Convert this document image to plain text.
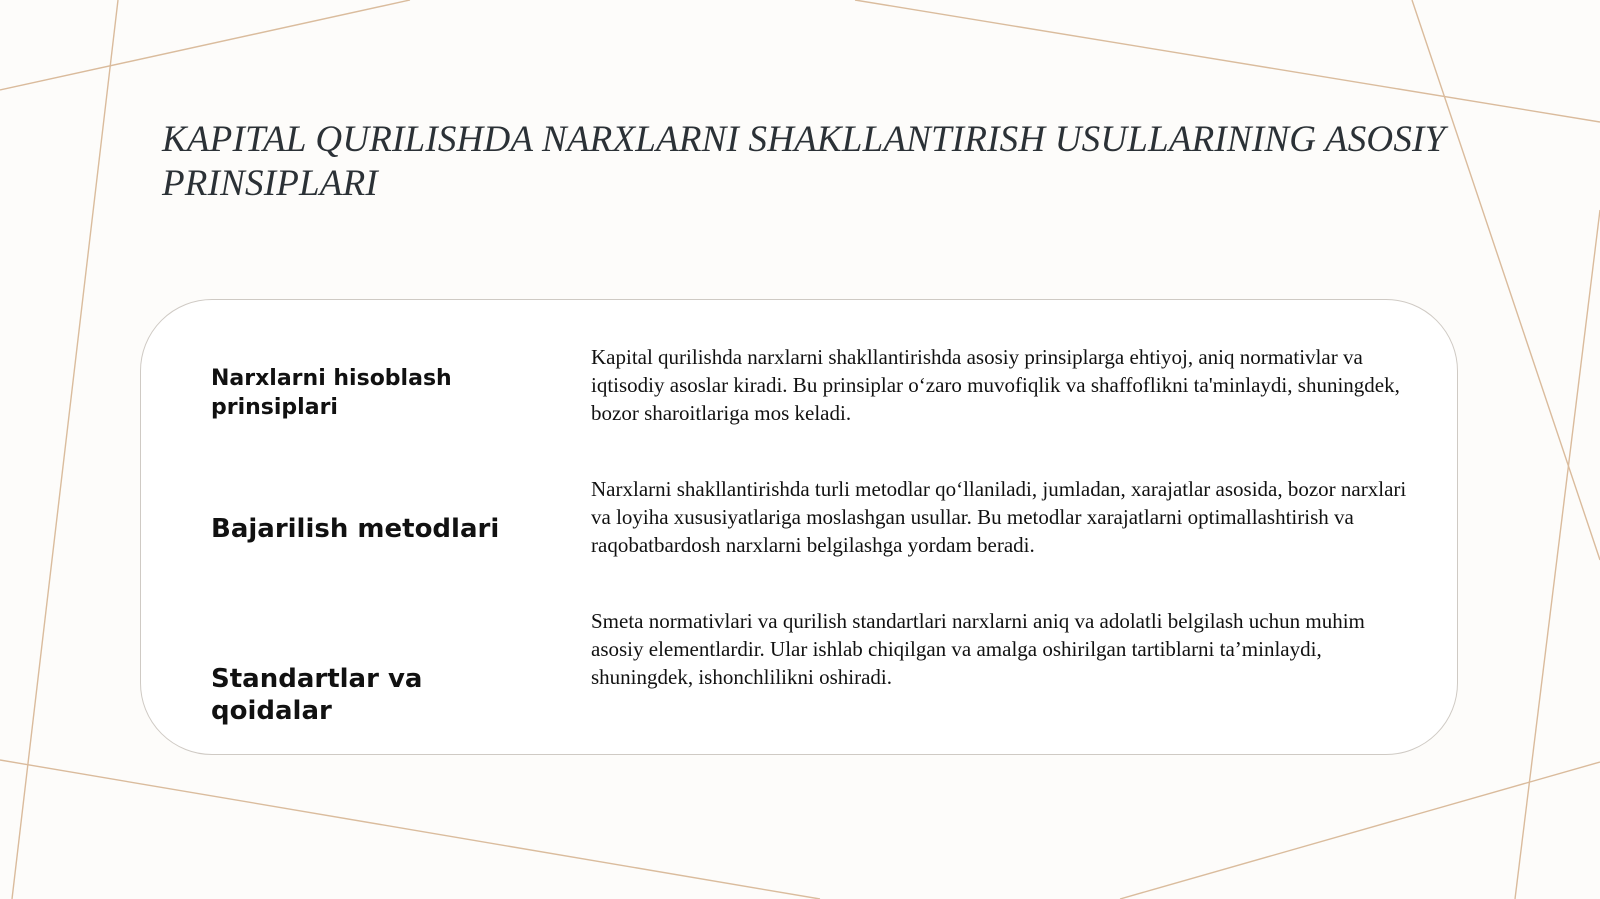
KAPITAL QURILISHDA NARXLARNI SHAKLLANTIRISH USULLARINING ASOSIY PRINSIPLARI
Narxlarni hisoblash prinsiplari

Kapital qurilishda narxlarni shakllantirishda asosiy prinsiplarga ehtiyoj, aniq normativlar va iqtisodiy asoslar kiradi. Bu prinsiplar o‘zaro muvofiqlik va shaffoflikni ta'minlaydi, shuningdek, bozor sharoitlariga mos keladi.

Bajarilish metodlari

Narxlarni shakllantirishda turli metodlar qo‘llaniladi, jumladan, xarajatlar asosida, bozor narxlari va loyiha xususiyatlariga moslashgan usullar. Bu metodlar xarajatlarni optimallashtirish va raqobatbardosh narxlarni belgilashga yordam beradi.

Standartlar va qoidalar

Smeta normativlari va qurilish standartlari narxlarni aniq va adolatli belgilash uchun muhim asosiy elementlardir. Ular ishlab chiqilgan va amalga oshirilgan tartiblarni ta’minlaydi, shuningdek, ishonchlilikni oshiradi.
